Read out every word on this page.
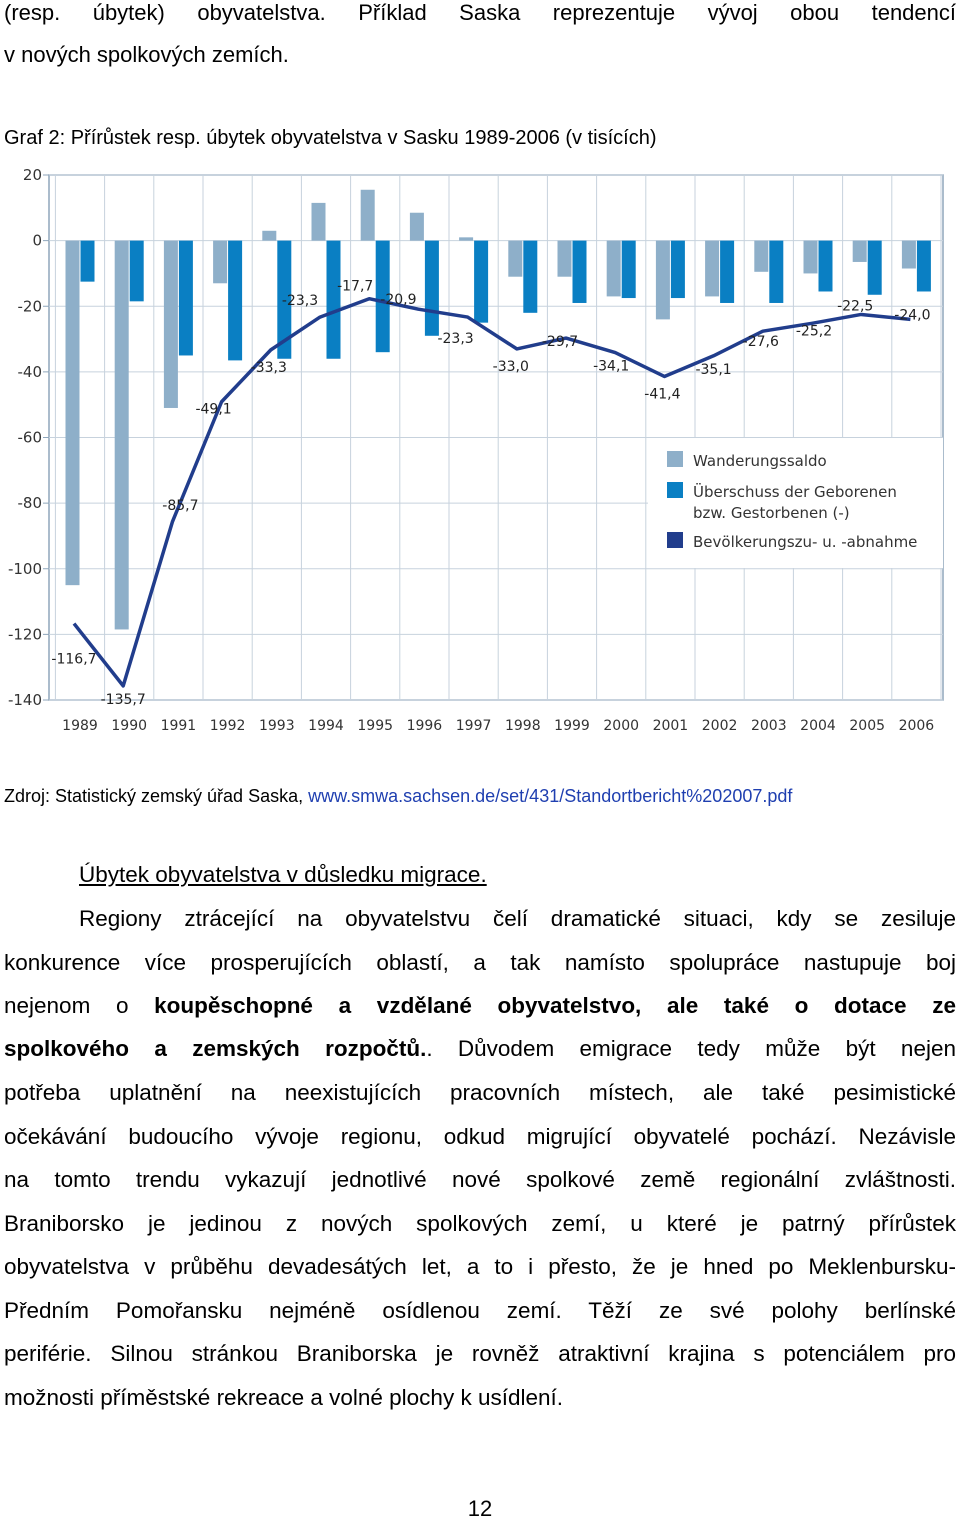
(resp. úbytek) obyvatelstva. Příklad Saska reprezentuje vývoj obou tendencí
v nových spolkových zemích.
Graf 2: Přírůstek resp. úbytek obyvatelstva v Sasku 1989-2006 (v tisících)
-116,7
-135,7
-85,7
-49,1
-33,3
-23,3
-17,7
-20,9
-23,3
-33,0
-29,7
-34,1
-41,4
-35,1
-27,6
-25,2
-22,5
-24,0
20
0
-20
-40
-60
-80
-100
-120
-140
1989 1990 1991 1992 1993 1994 1995 1996 1997 1998 1999 2000 2001 2002 2003 2004 2005 2006
Wanderungssaldo
Überschuss der Geborenen
bzw. Gestorbenen (-)
Bevölkerungszu- u. -abnahme
Zdroj: Statistický zemský úřad Saska, www.smwa.sachsen.de/set/431/Standortbericht%202007.pdf
Úbytek obyvatelstva v důsledku migrace.
Regiony ztrácející na obyvatelstvu čelí dramatické situaci, kdy se zesiluje
konkurence více prosperujících oblastí, a tak namísto spolupráce nastupuje boj
nejenom o koupěschopné a vzdělané obyvatelstvo, ale také o dotace ze
spolkového a zemských rozpočtů.. Důvodem emigrace tedy může být nejen
potřeba uplatnění na neexistujících pracovních místech, ale také pesimistické
očekávání budoucího vývoje regionu, odkud migrující obyvatelé pochází. Nezávisle
na tomto trendu vykazují jednotlivé nové spolkové země regionální zvláštnosti.
Braniborsko je jedinou z nových spolkových zemí, u které je patrný přírůstek
obyvatelstva v průběhu devadesátých let, a to i přesto, že je hned po Meklenbursku-
Předním Pomořansku nejméně osídlenou zemí. Těží ze své polohy berlínské
periférie. Silnou stránkou Braniborska je rovněž atraktivní krajina s potenciálem pro
možnosti příměstské rekreace a volné plochy k usídlení.
12
